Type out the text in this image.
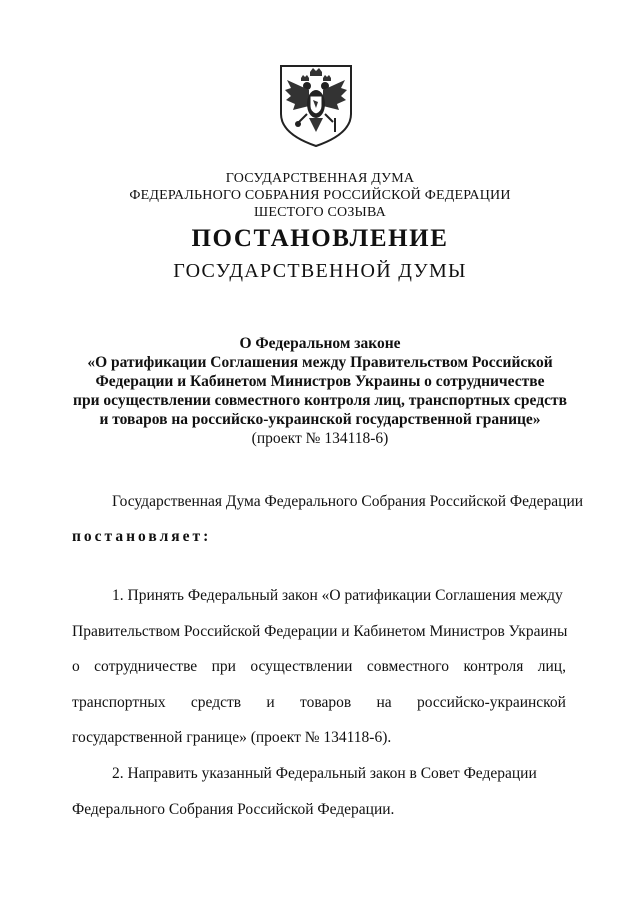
ГОСУДАРСТВЕННАЯ ДУМА
ФЕДЕРАЛЬНОГО СОБРАНИЯ РОССИЙСКОЙ ФЕДЕРАЦИИ
ШЕСТОГО СОЗЫВА
ПОСТАНОВЛЕНИЕ
ГОСУДАРСТВЕННОЙ ДУМЫ
О Федеральном законе
«О ратификации Соглашения между Правительством Российской
Федерации и Кабинетом Министров Украины о сотрудничестве
при осуществлении совместного контроля лиц, транспортных средств
и товаров на российско-украинской государственной границе»
(проект № 134118-6)
Государственная Дума Федерального Собрания Российской Федерации
постановляет:
1. Принять Федеральный закон «О ратификации Соглашения между
Правительством Российской Федерации и Кабинетом Министров Украины
о сотрудничестве при осуществлении совместного контроля лиц,
транспортных средств и товаров на российско-украинской
государственной границе» (проект № 134118-6).
2. Направить указанный Федеральный закон в Совет Федерации
Федерального Собрания Российской Федерации.
